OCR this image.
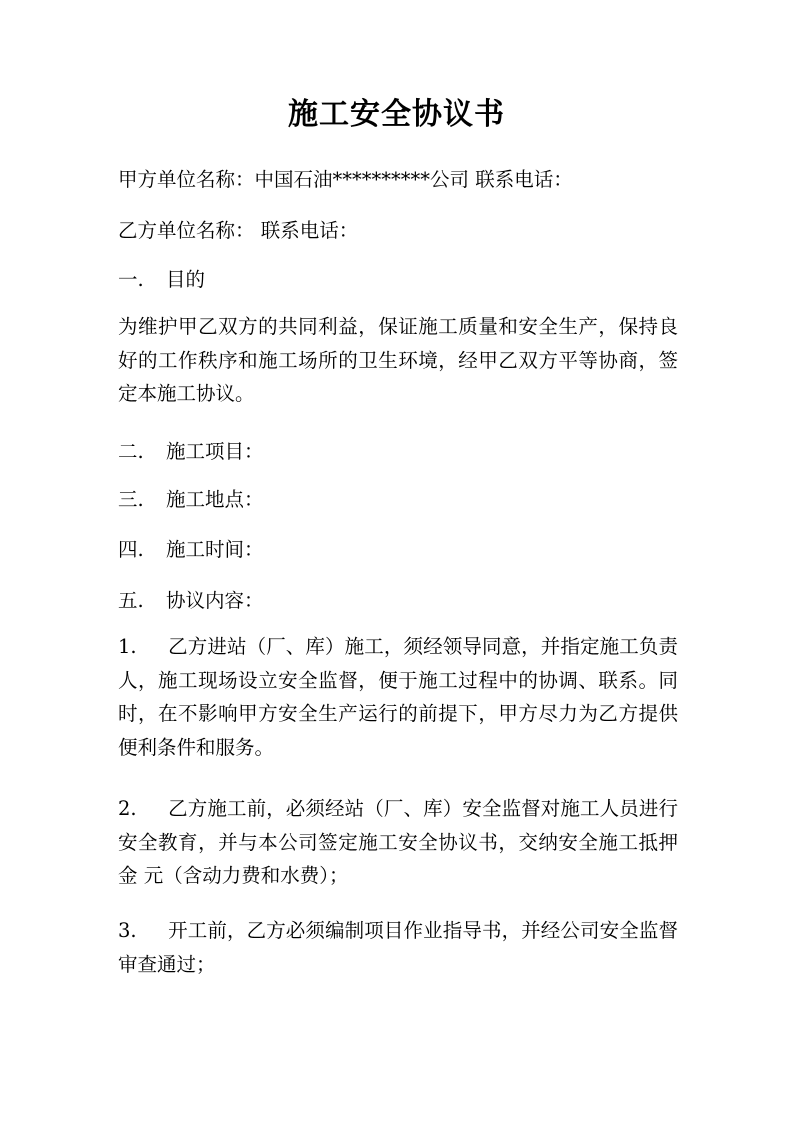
施工安全协议书

甲方单位名称：中国石油**********公司 联系电话：

乙方单位名称： 联系电话：

一. 目的

为维护甲乙双方的共同利益，保证施工质量和安全生产，保持良好的工作秩序和施工场所的卫生环境，经甲乙双方平等协商，签定本施工协议。

二. 施工项目：

三. 施工地点：

四. 施工时间：

五. 协议内容：

1. 乙方进站（厂、库）施工，须经领导同意，并指定施工负责人，施工现场设立安全监督，便于施工过程中的协调、联系。同时，在不影响甲方安全生产运行的前提下，甲方尽力为乙方提供便利条件和服务。

2. 乙方施工前，必须经站（厂、库）安全监督对施工人员进行安全教育，并与本公司签定施工安全协议书，交纳安全施工抵押金 元（含动力费和水费）；

3. 开工前，乙方必须编制项目作业指导书，并经公司安全监督审查通过；
